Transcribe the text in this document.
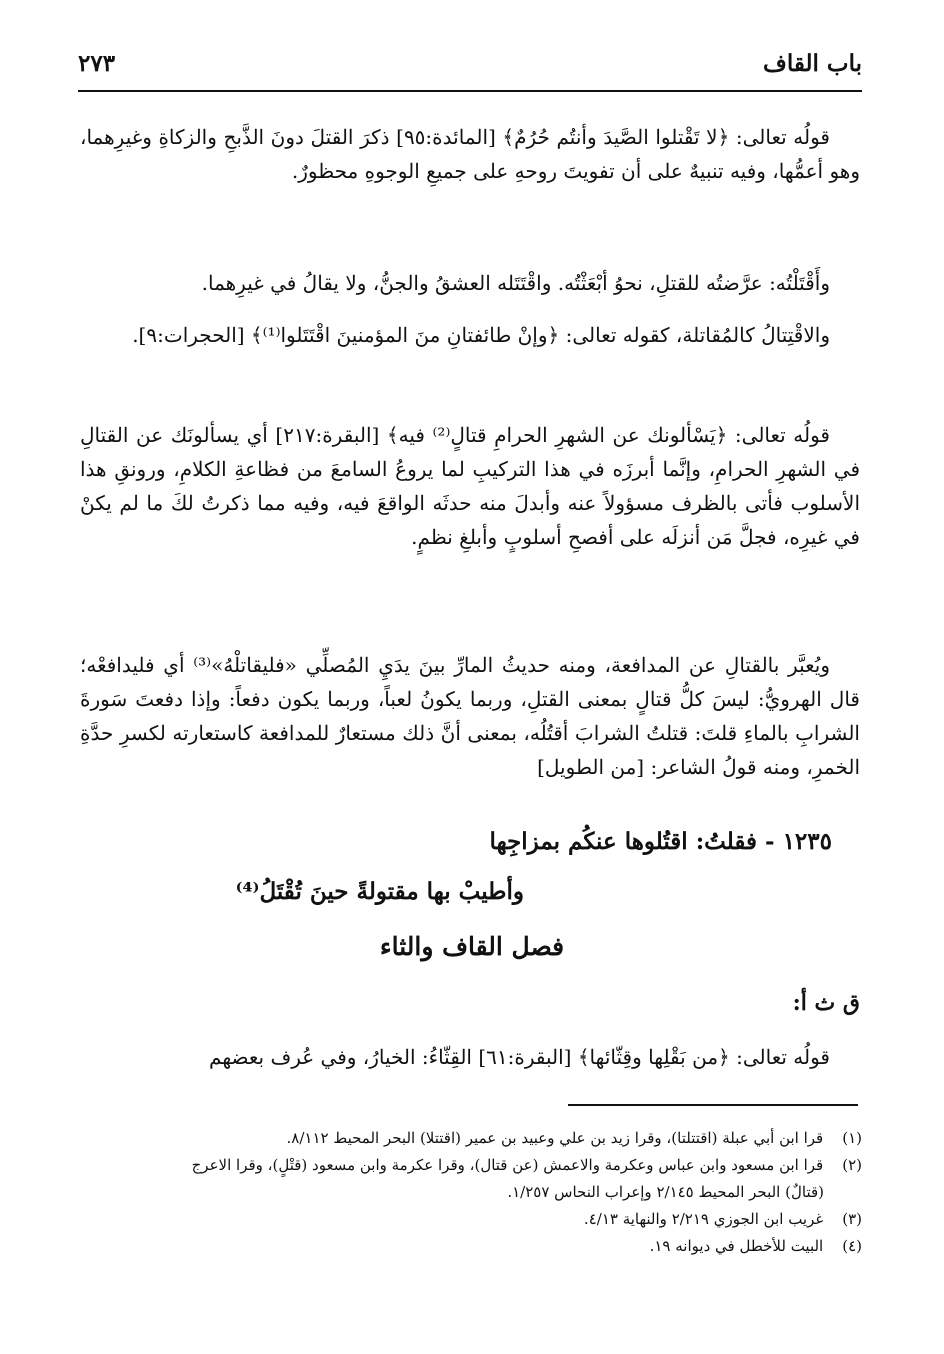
باب القاف
٢٧٣

قولُه تعالى: ﴿لا تَقْتلوا الصَّيدَ وأنتُم حُرُمٌ﴾ [المائدة:٩٥] ذكرَ القتلَ دونَ الذَّبحِ والزكاةِ وغيرِهما، وهو أعمُّها، وفيه تنبيهٌ على أن تفويتَ روحهِ على جميعِ الوجوهِ محظورٌ.

وأَقْتَلْتُه: عرَّضتُه للقتلِ، نحوُ أبْعَثْتُه. واقْتَتَله العشقُ والجنُّ، ولا يقالُ في غيرِهما.

والاقْتِتالُ كالمُقاتلة، كقوله تعالى: ﴿وإنْ طائفتانِ منَ المؤمنينَ اقْتَتَلوا⁽¹⁾﴾ [الحجرات:٩].

قولُه تعالى: ﴿يَسْألونك عن الشهرِ الحرامِ قتالٍ⁽²⁾ فيه﴾ [البقرة:٢١٧] أي يسألونَك عن القتالِ في الشهرِ الحرامِ، وإنَّما أبرزَه في هذا التركيبِ لما يروعُ السامعَ من فظاعةِ الكلامِ، ورونقِ هذا الأسلوب فأتى بالظرف مسؤولاً عنه وأبدلَ منه حدثَه الواقعَ فيه، وفيه مما ذكرتُ لكَ ما لم يكنْ في غيرِه، فجلَّ مَن أنزلَه على أفصحِ أسلوبٍ وأبلغِ نظمٍ.

ويُعبَّر بالقتالِ عن المدافعة، ومنه حديثُ المارِّ بينَ يدَيِ المُصلِّي «فليقاتلْهُ»⁽³⁾ أي فليدافعْه؛ قال الهرويُّ: ليسَ كلُّ قتالٍ بمعنى القتلِ، وربما يكونُ لعباً، وربما يكون دفعاً: وإذا دفعتَ سَورةَ الشرابِ بالماءِ قلتَ: قتلتُ الشرابَ أقتُلُه، بمعنى أنَّ ذلك مستعارٌ للمدافعة كاستعارته لكسرِ حدَّةِ الخمرِ، ومنه قولُ الشاعر: [من الطويل]

١٢٣٥ - فقلتُ: اقتُلوها عنكُم بمزاجِها
وأطيبْ بها مقتولةً حينَ تُقْتَلُ⁽⁴⁾
فصل القاف والثاء
ق ث أ:

قولُه تعالى: ﴿من بَقْلِها وقِثّائها﴾ [البقرة:٦١] القِثّاءُ: الخيارُ، وفي عُرف بعضهم

(١) قرا ابن أبي عبلة (اقتتلتا)، وقرا زيد بن علي وعبيد بن عمير (اقتتلا) البحر المحيط ٨/١١٢.

(٢) قرا ابن مسعود وابن عباس وعكرمة والاعمش (عن قتال)، وقرا عكرمة وابن مسعود (قتْلٍ)، وقرا الاعرج

(قتالٌ) البحر المحيط ٢/١٤٥ وإعراب النحاس ١/٢٥٧.

(٣) غريب ابن الجوزي ٢/٢١٩ والنهاية ٤/١٣.

(٤) البيت للأخطل في ديوانه ١٩.
